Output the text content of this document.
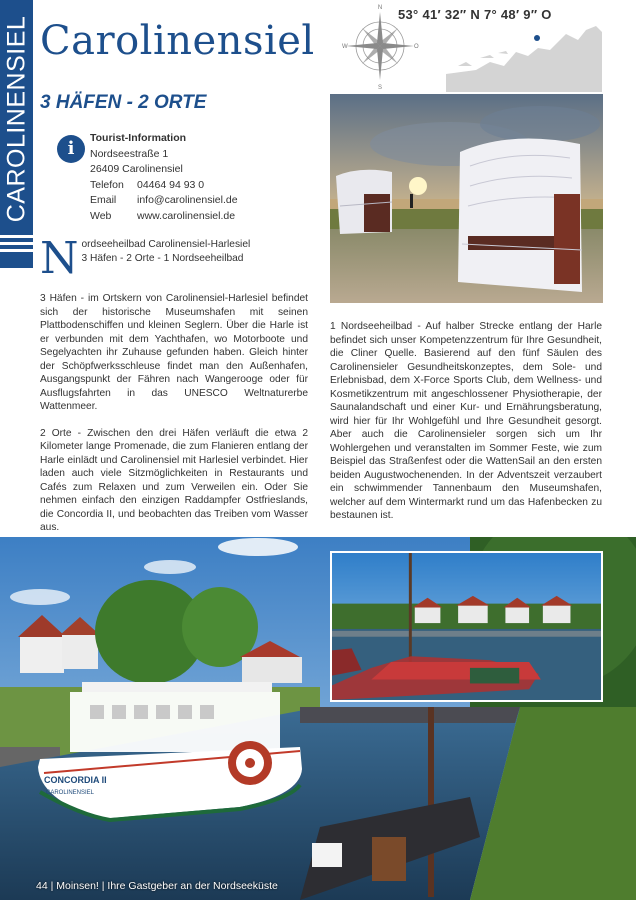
CAROLINENSIEL Carolinensiel
3 HÄFEN - 2 ORTE
N
S
W	O
53° 41′ 32″ N 7° 48′ 9″ O
i	Tourist-Information
Nordseestraße 1
26409 Carolinensiel
Telefon	04464 94 93 0
Email	info@carolinensiel.de
Web	www.carolinensiel.de
N ordseeheilbad Carolinensiel-Harlesiel
3 Häfen - 2 Orte - 1 Nordseeheilbad

3 Häfen - im Ortskern von Carolinensiel-Harlesiel befindet sich der historische Museumshafen mit seinen Plattbodenschiffen und kleinen Seglern. Über die Harle ist er verbunden mit dem Yachthafen, wo Motorboote und Segelyachten ihr Zuhause gefunden haben. Gleich hinter der Schöpfwerksschleuse findet man den Außenhafen, Ausgangspunkt der Fähren nach Wangerooge oder für Ausflugsfahrten in das UNESCO Weltnaturerbe Wattenmeer.

2 Orte - Zwischen den drei Häfen verläuft die etwa 2 Kilometer lange Promenade, die zum Flanieren entlang der Harle einlädt und Carolinensiel mit Harlesiel verbindet. Hier laden auch viele Sitzmöglichkeiten in Restaurants und Cafés zum Relaxen und zum Verweilen ein. Oder Sie nehmen einfach den einzigen Raddampfer Ostfrieslands, die Concordia II, und beobachten das Treiben vom Wasser aus.

1 Nordseeheilbad - Auf halber Strecke entlang der Harle befindet sich unser Kompetenzzentrum für Ihre Gesundheit, die Cliner Quelle. Basierend auf den fünf Säulen des Carolinensieler Gesundheitskonzeptes, dem Sole- und Erlebnisbad, dem X-Force Sports Club, dem Wellness- und Kosmetikzentrum mit angeschlossener Physiotherapie, der Saunalandschaft und einer Kur- und Ernährungsberatung, wird hier für Ihr Wohlgefühl und Ihre Gesundheit gesorgt. Aber auch die Carolinensieler sorgen sich um Ihr Wohlergehen und veranstalten im Sommer Feste, wie zum Beispiel das Straßenfest oder die WattenSail an den ersten beiden Augustwochenenden. In der Adventszeit verzaubert ein schwimmender Tannenbaum den Museumshafen, welcher auf dem Wintermarkt rund um das Hafenbecken zu bestaunen ist.

CONCORDIA II
CAROLINENSIEL
44 | Moinsen! | Ihre Gastgeber an der Nordseeküste
